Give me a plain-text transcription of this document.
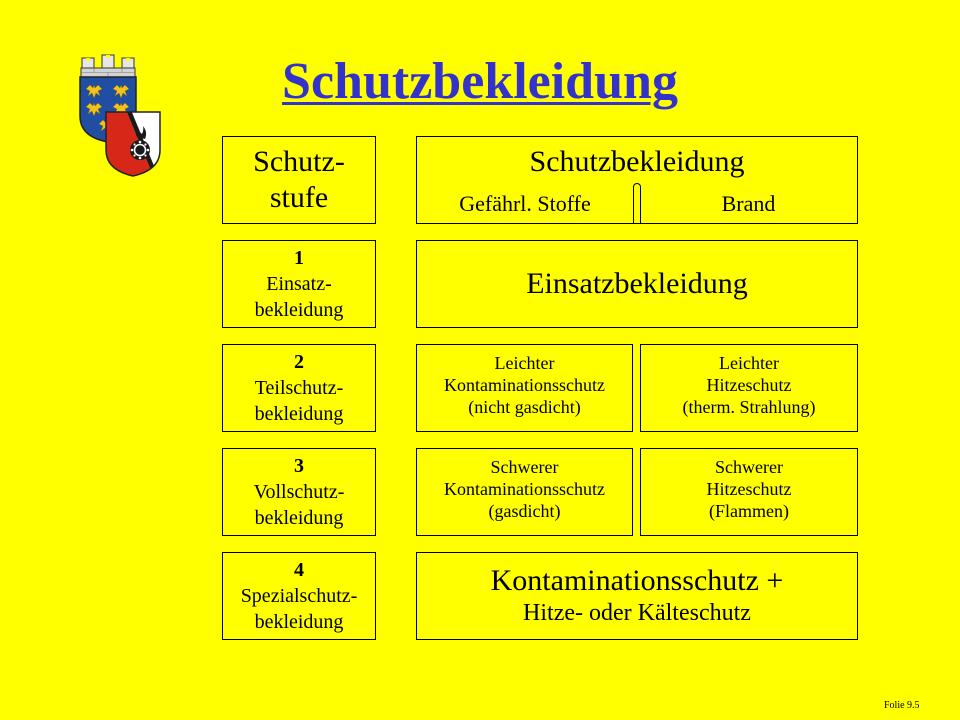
Schutzbekleidung
Schutz-
stufe
Schutzbekleidung
Gefährl. Stoffe	Brand
1
Einsatz-
bekleidung
Einsatzbekleidung
2
Teilschutz-
bekleidung
Leichter
Kontaminationsschutz
(nicht gasdicht)
Leichter
Hitzeschutz
(therm. Strahlung)
3
Vollschutz-
bekleidung
Schwerer
Kontaminationsschutz
(gasdicht)
Schwerer
Hitzeschutz
(Flammen)
4
Spezialschutz-
bekleidung
Kontaminationsschutz +
Hitze- oder Kälteschutz
Folie 9.5
